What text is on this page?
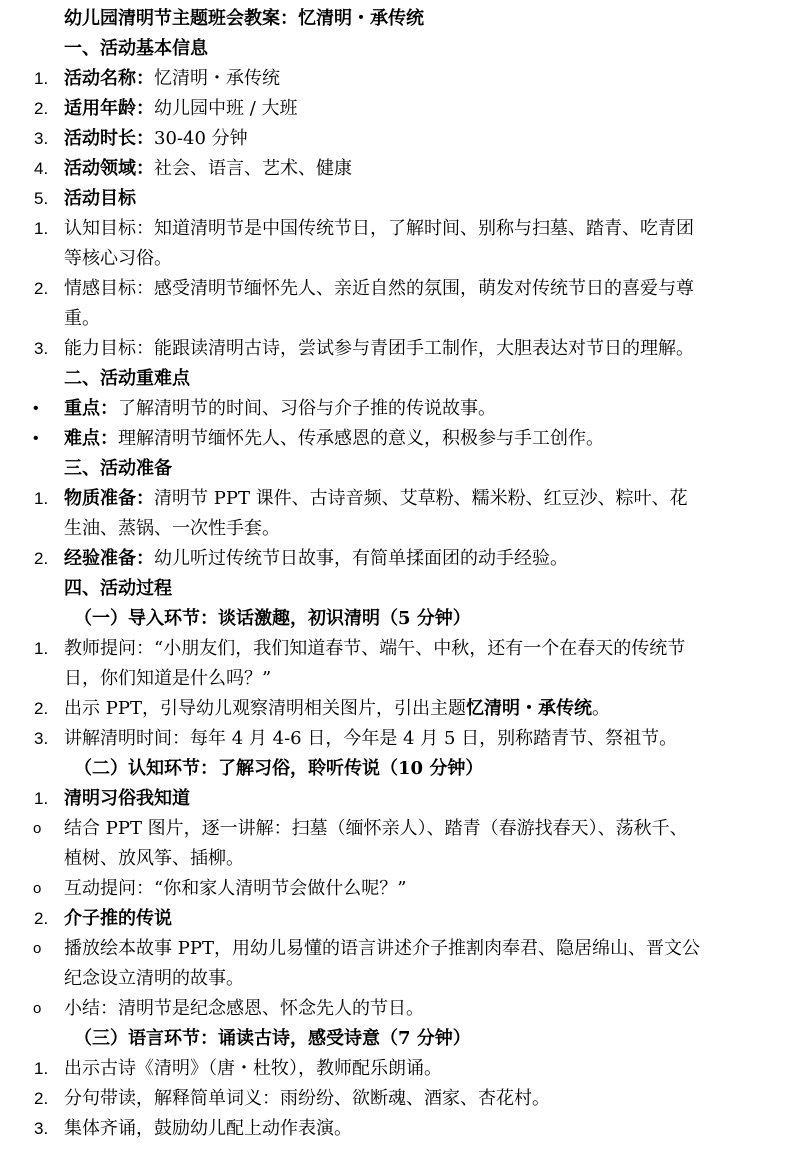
幼儿园清明节主题班会教案：忆清明・承传统
一、活动基本信息
1. 活动名称：忆清明・承传统
2. 适用年龄：幼儿园中班 / 大班
3. 活动时长：30-40 分钟
4. 活动领域：社会、语言、艺术、健康
5. 活动目标
1. 认知目标：知道清明节是中国传统节日，了解时间、别称与扫墓、踏青、吃青团
等核心习俗。
2. 情感目标：感受清明节缅怀先人、亲近自然的氛围，萌发对传统节日的喜爱与尊
重。
3. 能力目标：能跟读清明古诗，尝试参与青团手工制作，大胆表达对节日的理解。
二、活动重难点
• 重点：了解清明节的时间、习俗与介子推的传说故事。
• 难点：理解清明节缅怀先人、传承感恩的意义，积极参与手工创作。
三、活动准备
1. 物质准备：清明节 PPT 课件、古诗音频、艾草粉、糯米粉、红豆沙、粽叶、花
生油、蒸锅、一次性手套。
2. 经验准备：幼儿听过传统节日故事，有简单揉面团的动手经验。
四、活动过程
（一）导入环节：谈话激趣，初识清明（5 分钟）
1. 教师提问：“小朋友们，我们知道春节、端午、中秋，还有一个在春天的传统节
日，你们知道是什么吗？”
2. 出示 PPT，引导幼儿观察清明相关图片，引出主题忆清明・承传统。
3. 讲解清明时间：每年 4 月 4-6 日，今年是 4 月 5 日，别称踏青节、祭祖节。
（二）认知环节：了解习俗，聆听传说（10 分钟）
1. 清明习俗我知道
o 结合 PPT 图片，逐一讲解：扫墓（缅怀亲人）、踏青（春游找春天）、荡秋千、
植树、放风筝、插柳。
o 互动提问：“你和家人清明节会做什么呢？”
2. 介子推的传说
o 播放绘本故事 PPT，用幼儿易懂的语言讲述介子推割肉奉君、隐居绵山、晋文公
纪念设立清明的故事。
o 小结：清明节是纪念感恩、怀念先人的节日。
（三）语言环节：诵读古诗，感受诗意（7 分钟）
1. 出示古诗《清明》（唐・杜牧），教师配乐朗诵。
2. 分句带读，解释简单词义：雨纷纷、欲断魂、酒家、杏花村。
3. 集体齐诵，鼓励幼儿配上动作表演。
